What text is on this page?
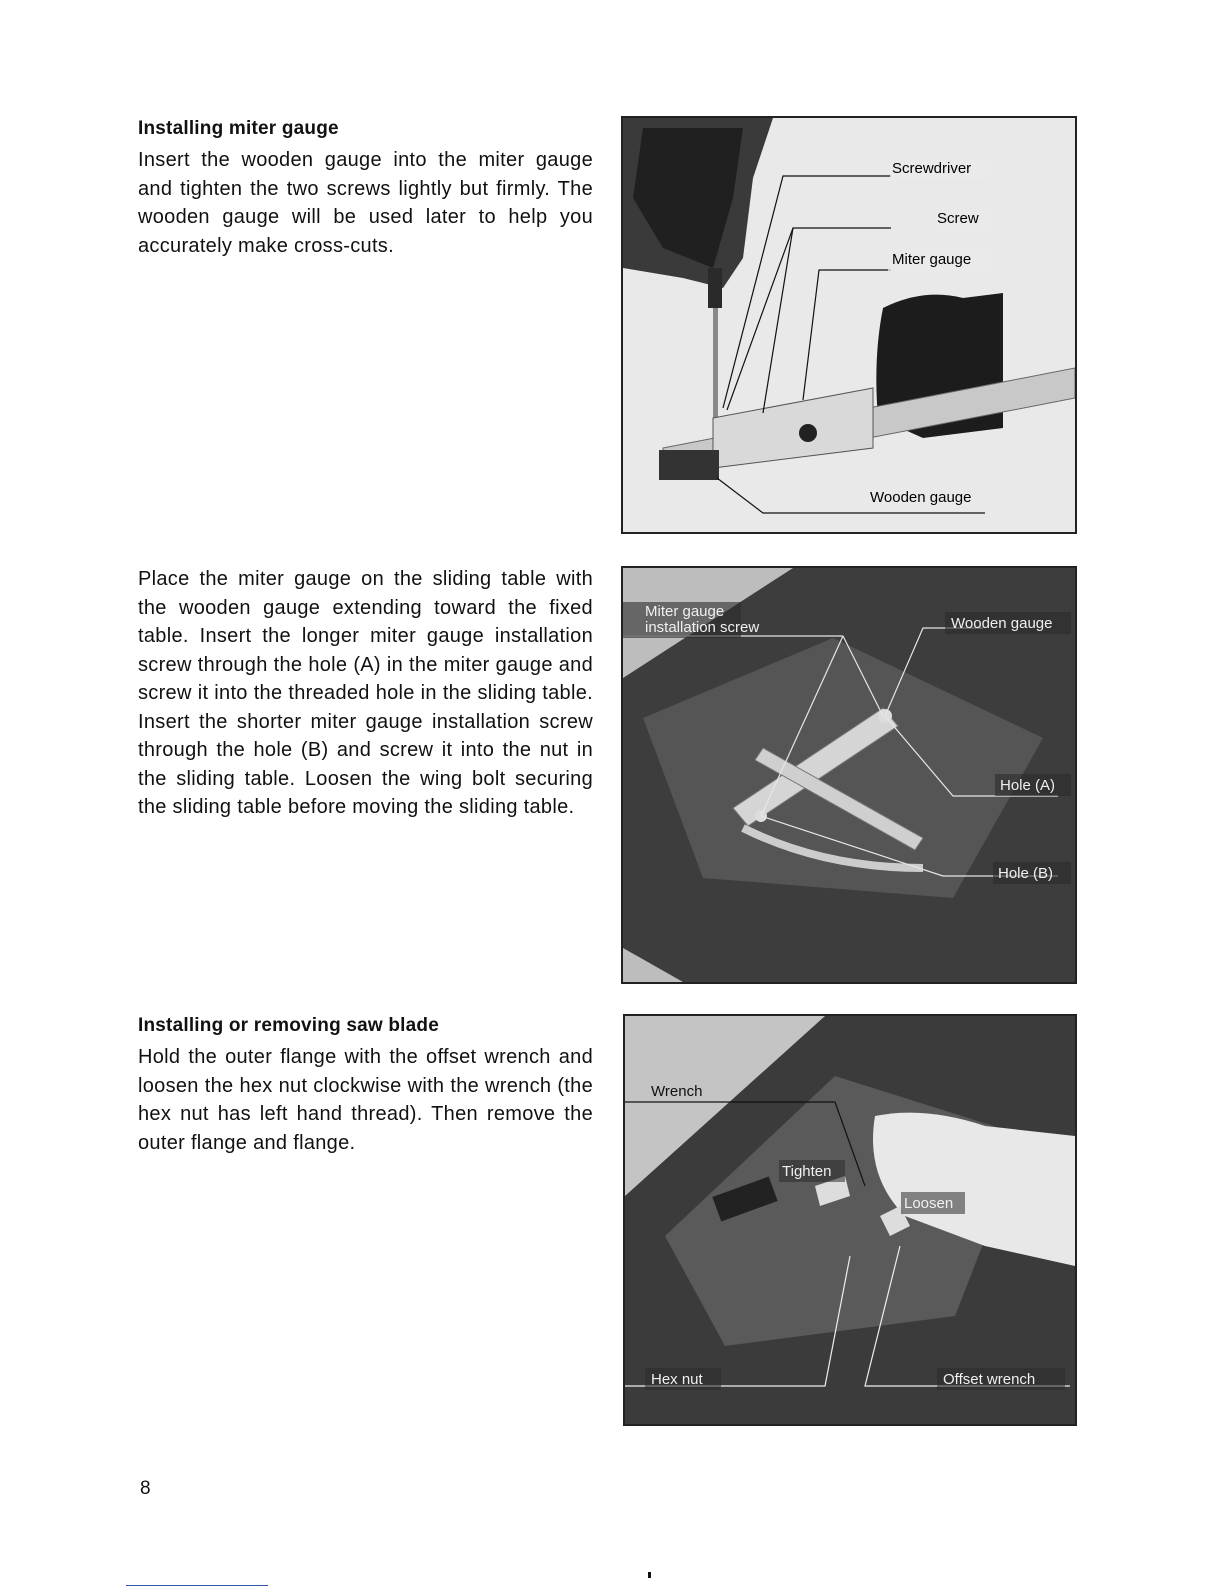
Installing miter gauge

Insert the wooden gauge into the miter gauge and tighten the two screws lightly but firmly. The wooden gauge will be used later to help you accurately make cross-cuts.

Place the miter gauge on the sliding table with the wooden gauge extending toward the fixed table. Insert the longer miter gauge installation screw through the hole (A) in the miter gauge and screw it into the threaded hole in the sliding table. Insert the shorter miter gauge installation screw through the hole (B) and screw it into the nut in the sliding table. Loosen the wing bolt securing the sliding table before moving the sliding table.

Installing or removing saw blade

Hold the outer flange with the offset wrench and loosen the hex nut clockwise with the wrench (the hex nut has left hand thread). Then remove the outer flange and flange.

Screwdriver
Screw
Miter gauge
Wooden gauge
Miter gauge
installation screw	Wooden gauge
Hole (A)
Hole (B)
Wrench
Tighten
Loosen
Hex nut	Offset wrench

8
